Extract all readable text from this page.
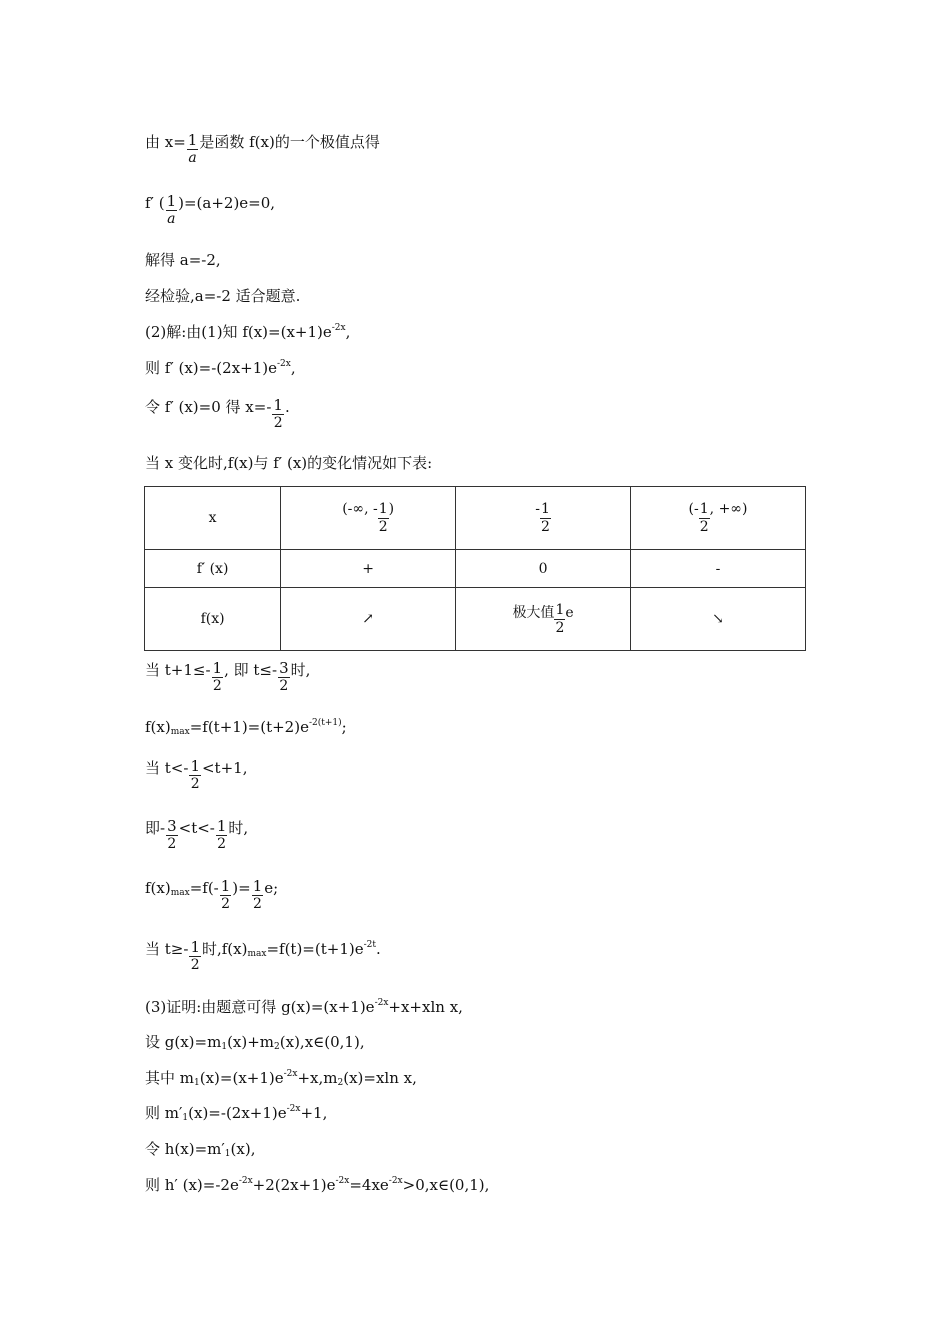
由 $x= \frac{1}{a}$ 是函数 f(x)的一个极值点得
f′ ( $\frac{1}{a} )=(a+2)e=0$,
解得 a=-2,
经检验,a=-2 适合题意.
(2)解:由(1)知 $f(x)=(x+1)e^{-2x}$,
则 f′ $(x)=-(2x+1)e^{-2x}$,
令 f′ (x)=0 得 $x=- \frac{1}{2}$ .
当 x 变化时,f(x)与 f′ (x)的变化情况如下表:
x	(-∞, - $\frac{1}{2}$ )	- $\frac{1}{2}$	(- $\frac{1}{2}$ , +∞)
f′ (x)	+	0	-
f(x)	↗	极大值 $\frac{1}{2}$ e	↘
当 $t+1\le- \frac{1}{2}$ , 即 $t\le- \frac{3}{2}$ 时,
$f(x)_{max}=f(t+1)=(t+2)e^{-2(t+1)}$;
当 $t<- \frac{1}{2} <t+1$,
即- $\frac{3}{2} <t<- \frac{1}{2}$ 时,
$f(x)_{max}=f(- \frac{1}{2}$ )= $\frac{1}{2} e$;
当 $t\ge- \frac{1}{2}$ 时$,f(x)_{max}=f(t)=(t+1)e^{-2t}$.
(3)证明:由题意可得 $g(x)=(x+1)e^{-2x}+x+xln$ x,
设 $g(x)=m_1(x)+m_2(x),x\in(0,1)$,
其中 $m_1(x)=(x+1)e^{-2x}+x,m_2(x)=xln$ x,
则 $m'_1(x)=-(2x+1)e^{-2x}+1$,
令 $h(x)=m'_1(x)$,
则 h′ $(x)=-2e^{-2x}+2(2x+1)e^{-2x}=4xe^{-2x}>0,x\in(0,1)$,
